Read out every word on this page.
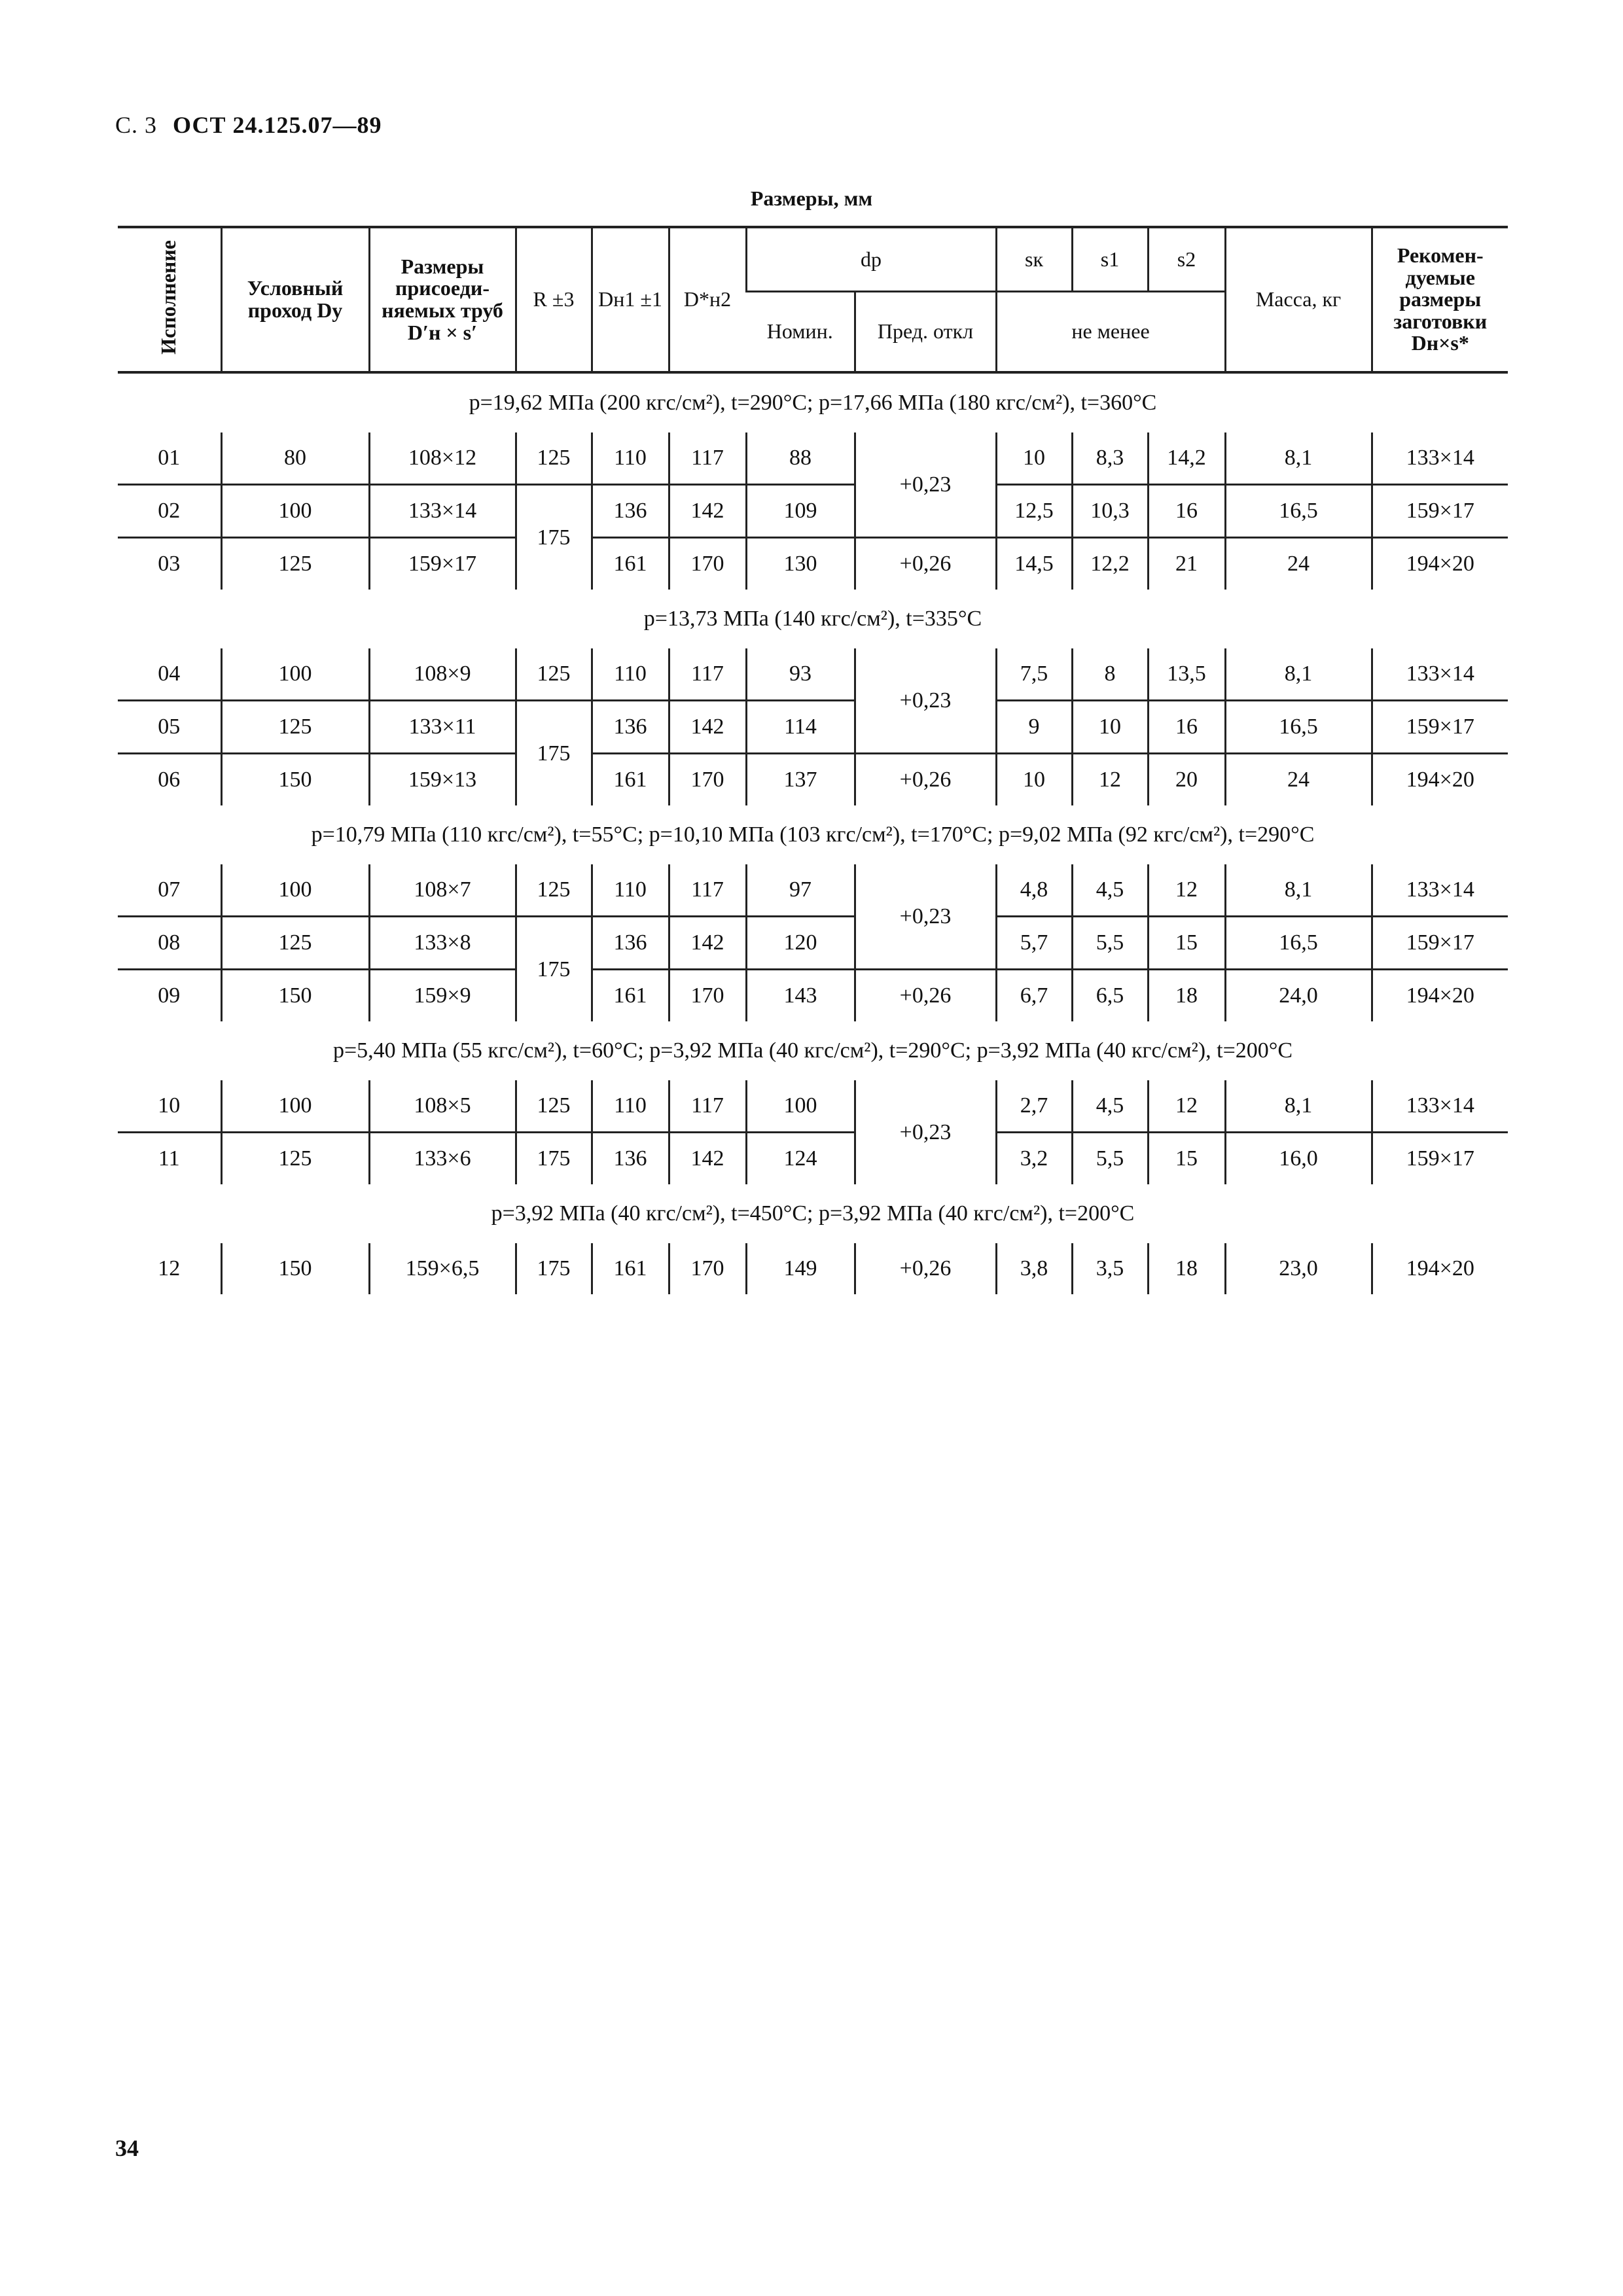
С. 3 ОСТ 24.125.07—89
Размеры, мм
Исполнение	Условный проход Dу	Размеры присоеди-няемых труб D′н × s′	R ±3	Dн1 ±1	D*н2	dр		sк	s1	s2	Масса, кг	Рекомен-дуемые размеры заготовки Dн×s*
						Номин.	Пред. откл	не менее				
p=19,62 МПа (200 кгс/см²), t=290°C; p=17,66 МПа (180 кгс/см²), t=360°C												
01	80	108×12	125	110	117	88	+0,23	10	8,3	14,2	8,1	133×14
02	100	133×14	175	136	142	109		12,5	10,3	16	16,5	159×17
03	125	159×17		161	170	130	+0,26	14,5	12,2	21	24	194×20
p=13,73 МПа (140 кгс/см²), t=335°C												
04	100	108×9	125	110	117	93	+0,23	7,5	8	13,5	8,1	133×14
05	125	133×11	175	136	142	114		9	10	16	16,5	159×17
06	150	159×13		161	170	137	+0,26	10	12	20	24	194×20
p=10,79 МПа (110 кгс/см²), t=55°C; p=10,10 МПа (103 кгс/см²), t=170°C; p=9,02 МПа (92 кгс/см²), t=290°C												
07	100	108×7	125	110	117	97	+0,23	4,8	4,5	12	8,1	133×14
08	125	133×8	175	136	142	120		5,7	5,5	15	16,5	159×17
09	150	159×9		161	170	143	+0,26	6,7	6,5	18	24,0	194×20
p=5,40 МПа (55 кгс/см²), t=60°C; p=3,92 МПа (40 кгс/см²), t=290°C; p=3,92 МПа (40 кгс/см²), t=200°C												
10	100	108×5	125	110	117	100	+0,23	2,7	4,5	12	8,1	133×14
11	125	133×6	175	136	142	124		3,2	5,5	15	16,0	159×17
p=3,92 МПа (40 кгс/см²), t=450°C; p=3,92 МПа (40 кгс/см²), t=200°C												
12	150	159×6,5	175	161	170	149	+0,26	3,8	3,5	18	23,0	194×20
34
